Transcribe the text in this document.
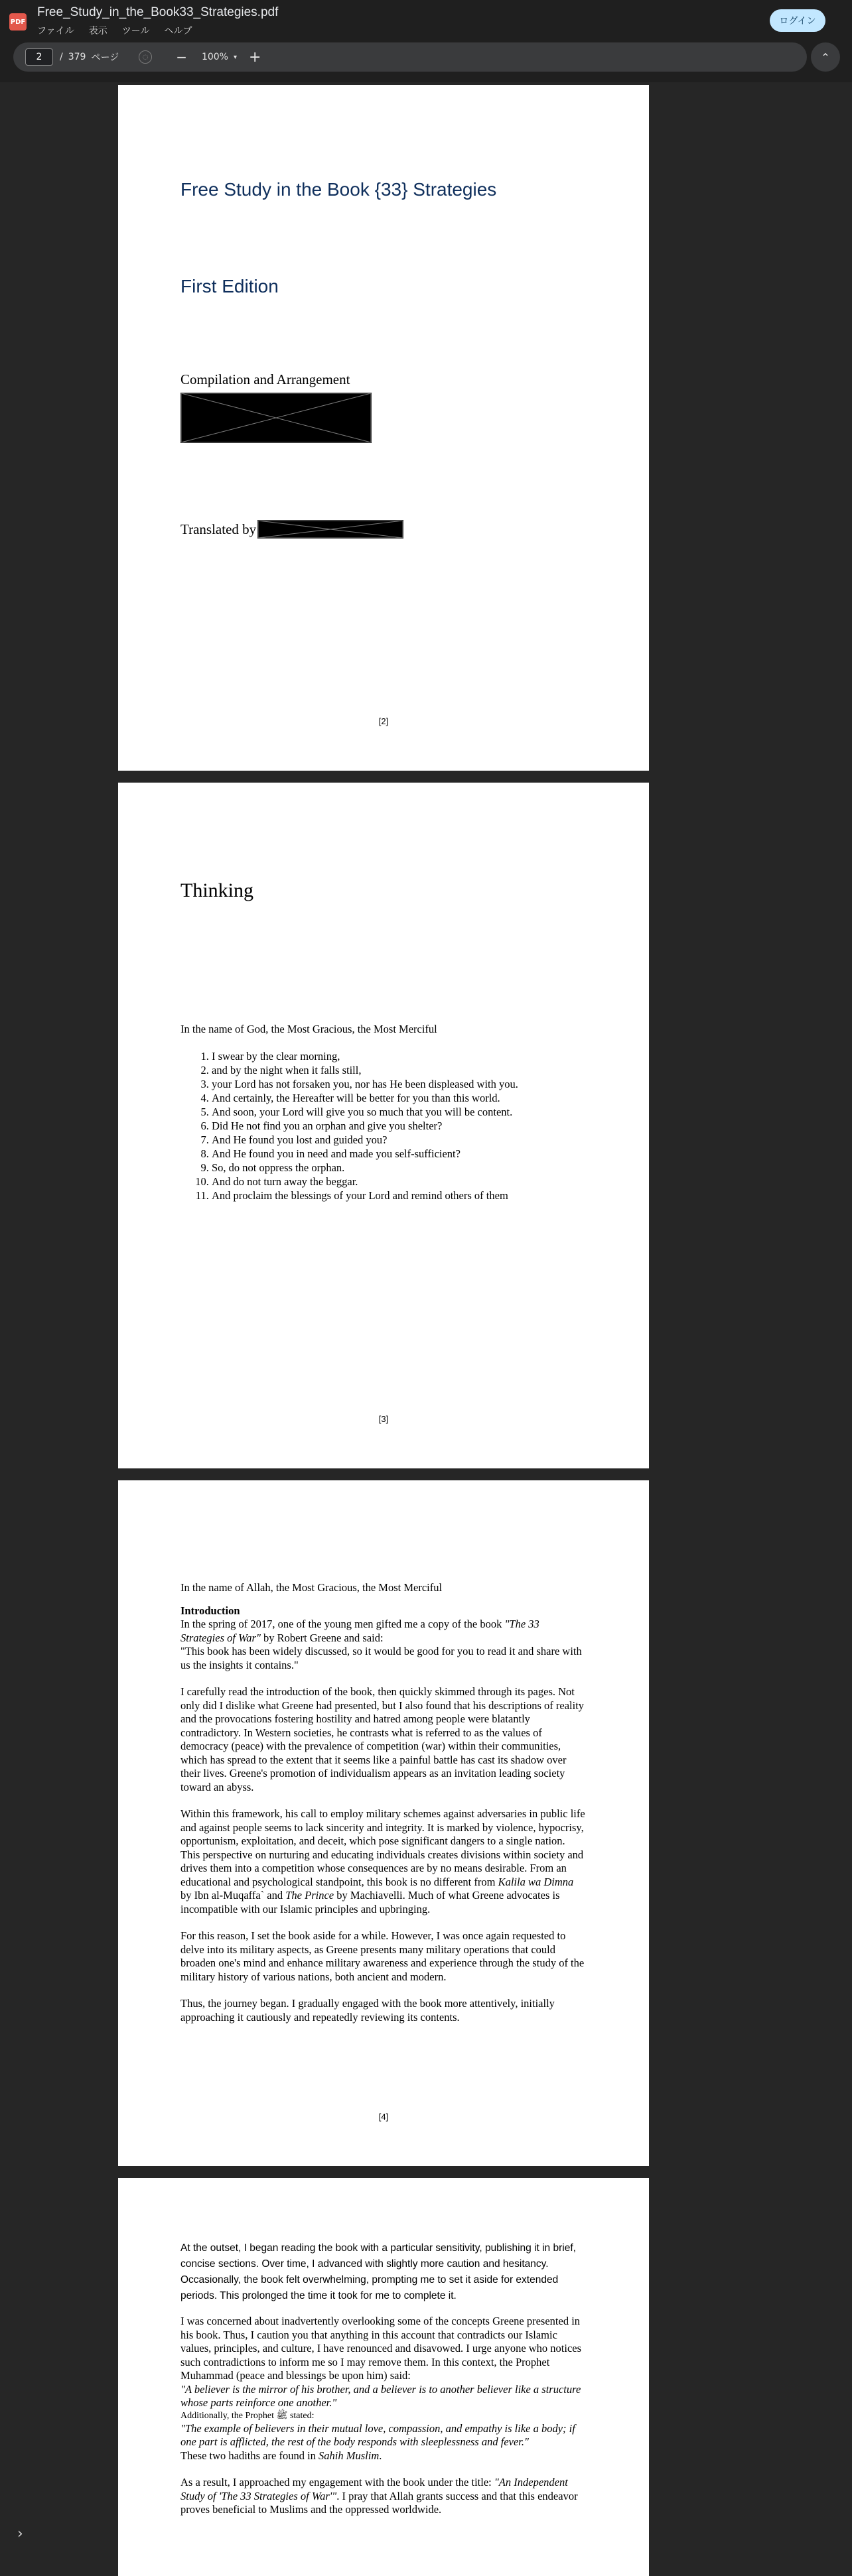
PDF
Free_Study_in_the_Book33_Strategies.pdf
ファイル 表示 ツール ヘルプ
ログイン
2	/ 379 ページ	◌ − 100% ▾ +	⌃
Free Study in the Book {33} Strategies
First Edition
Compilation and Arrangement
Translated by
[2]
Thinking
In the name of God, the Most Gracious, the Most Merciful
1. I swear by the clear morning,
2. and by the night when it falls still,
3. your Lord has not forsaken you, nor has He been displeased with you.
4. And certainly, the Hereafter will be better for you than this world.
5. And soon, your Lord will give you so much that you will be content.
6. Did He not find you an orphan and give you shelter?
7. And He found you lost and guided you?
8. And He found you in need and made you self-sufficient?
9. So, do not oppress the orphan.
10. And do not turn away the beggar.
11. And proclaim the blessings of your Lord and remind others of them
[3]

In the name of Allah, the Most Gracious, the Most Merciful

Introduction
In the spring of 2017, one of the young men gifted me a copy of the book "The 33 Strategies of War" by Robert Greene and said:

"This book has been widely discussed, so it would be good for you to read it and share with us the insights it contains."

I carefully read the introduction of the book, then quickly skimmed through its pages. Not only did I dislike what Greene had presented, but I also found that his descriptions of reality and the provocations fostering hostility and hatred among people were blatantly contradictory. In Western societies, he contrasts what is referred to as the values of democracy (peace) with the prevalence of competition (war) within their communities, which has spread to the extent that it seems like a painful battle has cast its shadow over their lives. Greene's promotion of individualism appears as an invitation leading society toward an abyss.

Within this framework, his call to employ military schemes against adversaries in public life and against people seems to lack sincerity and integrity. It is marked by violence, hypocrisy, opportunism, exploitation, and deceit, which pose significant dangers to a single nation. This perspective on nurturing and educating individuals creates divisions within society and drives them into a competition whose consequences are by no means desirable. From an educational and psychological standpoint, this book is no different from Kalila wa Dimna by Ibn al-Muqaffa` and The Prince by Machiavelli. Much of what Greene advocates is incompatible with our Islamic principles and upbringing.

For this reason, I set the book aside for a while. However, I was once again requested to delve into its military aspects, as Greene presents many military operations that could broaden one's mind and enhance military awareness and experience through the study of the military history of various nations, both ancient and modern.

Thus, the journey began. I gradually engaged with the book more attentively, initially approaching it cautiously and repeatedly reviewing its contents.

[4]

At the outset, I began reading the book with a particular sensitivity, publishing it in brief, concise sections. Over time, I advanced with slightly more caution and hesitancy. Occasionally, the book felt overwhelming, prompting me to set it aside for extended periods. This prolonged the time it took for me to complete it.

I was concerned about inadvertently overlooking some of the concepts Greene presented in his book. Thus, I caution you that anything in this account that contradicts our Islamic values, principles, and culture, I have renounced and disavowed. I urge anyone who notices such contradictions to inform me so I may remove them. In this context, the Prophet Muhammad (peace and blessings be upon him) said:
"A believer is the mirror of his brother, and a believer is to another believer like a structure whose parts reinforce one another."
Additionally, the Prophet ﷺ stated:
"The example of believers in their mutual love, compassion, and empathy is like a body; if one part is afflicted, the rest of the body responds with sleeplessness and fever."

These two hadiths are found in Sahih Muslim.

As a result, I approached my engagement with the book under the title: "An Independent Study of 'The 33 Strategies of War'". I pray that Allah grants success and that this endeavor proves beneficial to Muslims and the oppressed worldwide.

›
